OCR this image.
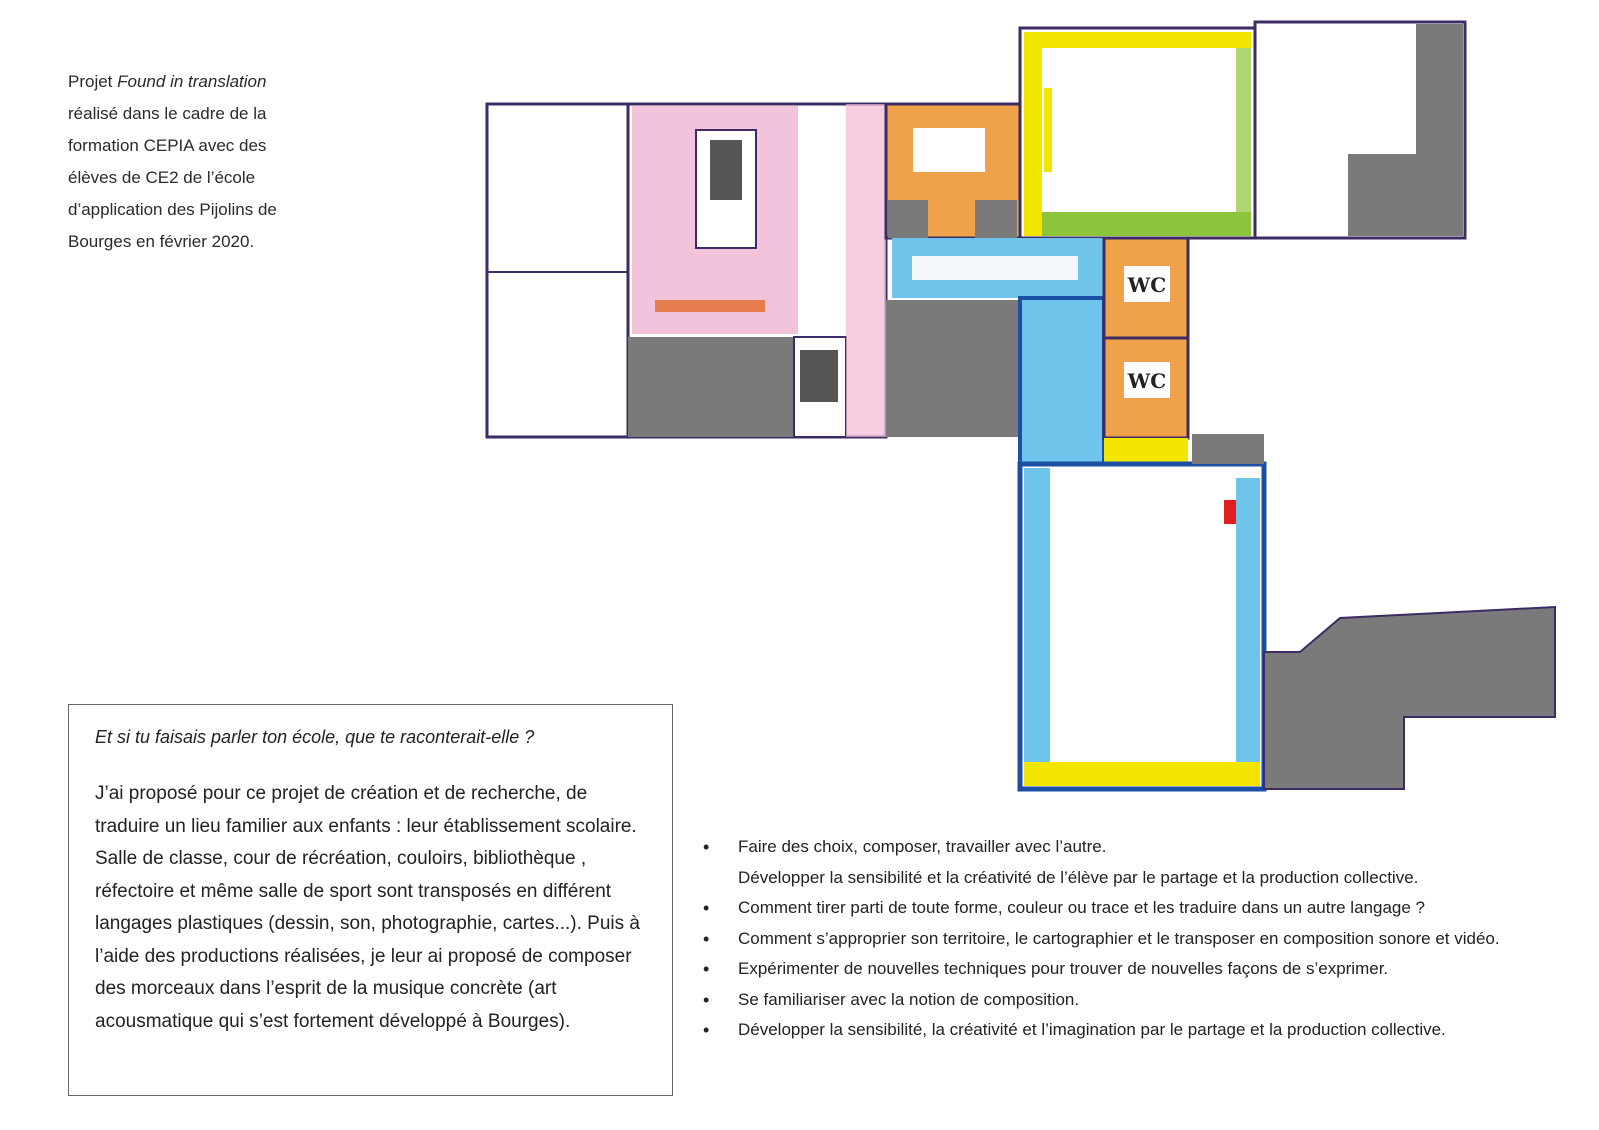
Projet Found in translation réalisé dans le cadre de la formation CEPIA avec des élèves de CE2 de l’école d’application des Pijolins de Bourges en février 2020.
WC
WC

Et si tu faisais parler ton école, que te raconterait-elle ?

J’ai proposé pour ce projet de création et de recherche, de traduire un lieu familier aux enfants : leur établissement scolaire. Salle de classe, cour de récréation, couloirs, bibliothèque , réfectoire et même salle de sport sont transposés en différent langages plastiques (dessin, son, photographie, cartes...). Puis à l’aide des productions réalisées, je leur ai proposé de composer des morceaux dans l’esprit de la musique concrète (art acousmatique qui s’est fortement développé à Bourges).

• Faire des choix, composer, travailler avec l’autre.
Développer la sensibilité et la créativité de l’élève par le partage et la production collective.
• Comment tirer parti de toute forme, couleur ou trace et les traduire dans un autre langage ?
• Comment s’approprier son territoire, le cartographier et le transposer en composition sonore et vidéo.
• Expérimenter de nouvelles techniques pour trouver de nouvelles façons de s’exprimer.
• Se familiariser avec la notion de composition.
• Développer la sensibilité, la créativité et l’imagination par le partage et la production collective.
